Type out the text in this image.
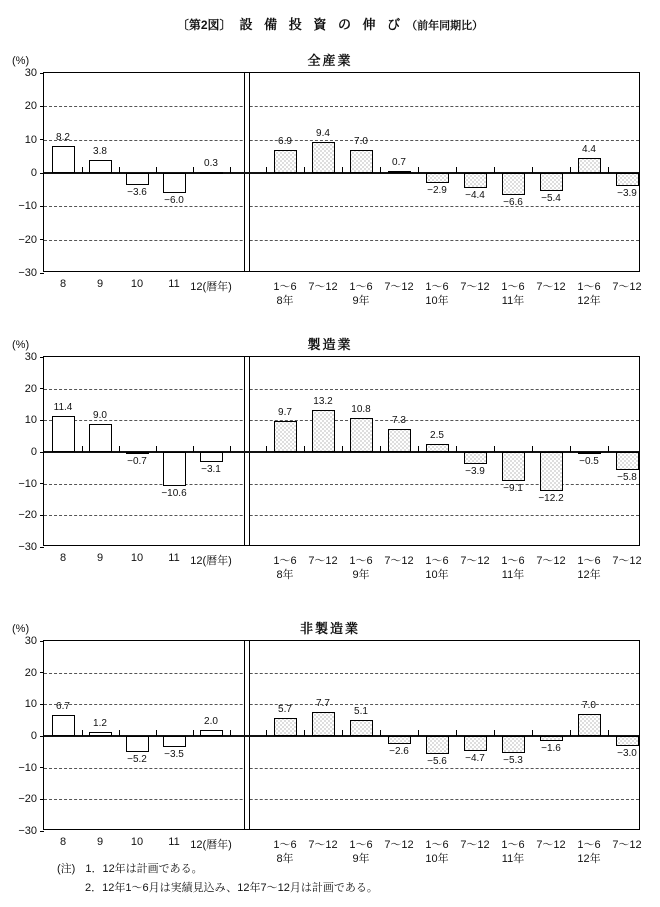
〔第2図〕 設 備 投 資 の 伸 び （前年同期比）
全産業
(%)
30
20
10
0
−10
−20
−30
8.2
8
3.8
9
−3.6
10
−6.0
11
0.3
12(暦年)
6.9
1～6
8年
9.4
7～12
7.0
1～6
9年
0.7
7～12
−2.9
1～6
10年
−4.4
7～12
−6.6
1～6
11年
−5.4
7～12
4.4
1～6
12年
−3.9
7～12
製造業
(%)
30
20
10
0
−10
−20
−30
11.4
8
9.0
9
−0.7
10
−10.6
11
−3.1
12(暦年)
9.7
1～6
8年
13.2
7～12
10.8
1～6
9年
7.3
7～12
2.5
1～6
10年
−3.9
7～12
−9.1
1～6
11年
−12.2
7～12
−0.5
1～6
12年
−5.8
7～12
非製造業
(%)
30
20
10
0
−10
−20
−30
6.7
8
1.2
9
−5.2
10
−3.5
11
2.0
12(暦年)
5.7
1～6
8年
7.7
7～12
5.1
1～6
9年
−2.6
7～12
−5.6
1～6
10年
−4.7
7～12
−5.3
1～6
11年
−1.6
7～12
7.0
1～6
12年
−3.0
7～12
(注) 1．12年は計画である。
2．12年1～6月は実績見込み、12年7～12月は計画である。
